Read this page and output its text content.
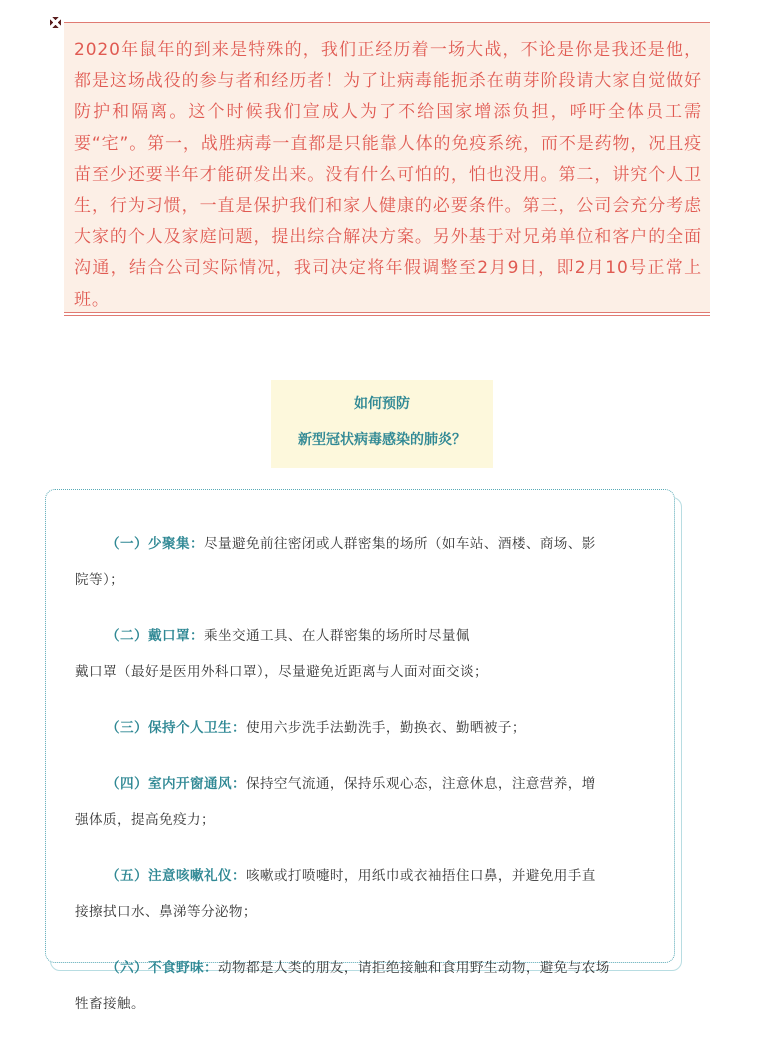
2020年鼠年的到来是特殊的，我们正经历着一场大战，不论是你是我还是他，都是这场战役的参与者和经历者！为了让病毒能扼杀在萌芽阶段请大家自觉做好防护和隔离。这个时候我们宣成人为了不给国家增添负担，呼吁全体员工需要“宅”。第一，战胜病毒一直都是只能靠人体的免疫系统，而不是药物，况且疫苗至少还要半年才能研发出来。没有什么可怕的，怕也没用。第二，讲究个人卫生，行为习惯，一直是保护我们和家人健康的必要条件。第三，公司会充分考虑大家的个人及家庭问题，提出综合解决方案。另外基于对兄弟单位和客户的全面沟通，结合公司实际情况，我司决定将年假调整至2月9日，即2月10号正常上班。

如何预防

新型冠状病毒感染的肺炎？

（一）少聚集：尽量避免前往密闭或人群密集的场所（如车站、酒楼、商场、影
院等）；

（二）戴口罩：乘坐交通工具、在人群密集的场所时尽量佩
戴口罩（最好是医用外科口罩），尽量避免近距离与人面对面交谈；

（三）保持个人卫生：使用六步洗手法勤洗手，勤换衣、勤晒被子；

（四）室内开窗通风：保持空气流通，保持乐观心态，注意休息，注意营养，增
强体质，提高免疫力；

（五）注意咳嗽礼仪：咳嗽或打喷嚏时，用纸巾或衣袖捂住口鼻，并避免用手直
接擦拭口水、鼻涕等分泌物；

（六）不食野味：动物都是人类的朋友，请拒绝接触和食用野生动物，避免与农场
牲畜接触。
